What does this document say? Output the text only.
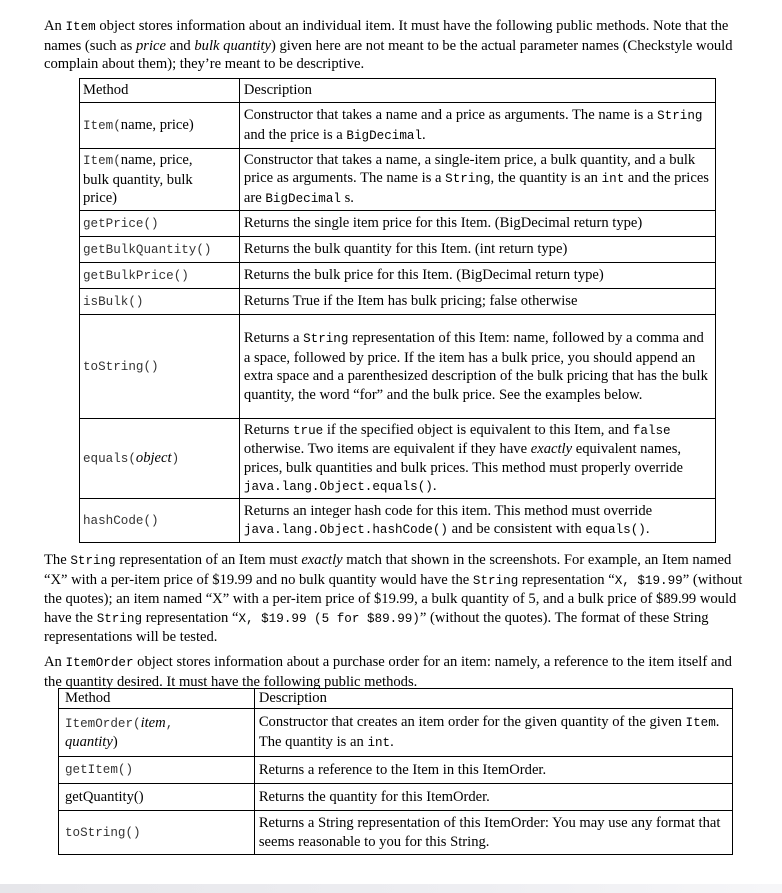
An Item object stores information about an individual item. It must have the following public methods. Note that the names (such as price and bulk quantity) given here are not meant to be the actual parameter names (Checkstyle would complain about them); they’re meant to be descriptive.

Method	Description
Item(name, price)	Constructor that takes a name and a price as arguments. The name is a String and the price is a BigDecimal.
Item(name, price,
bulk quantity, bulk
price)	Constructor that takes a name, a single-item price, a bulk quantity, and a bulk price as arguments. The name is a String, the quantity is an int and the prices are BigDecimal s.
getPrice()	Returns the single item price for this Item. (BigDecimal return type)
getBulkQuantity()	Returns the bulk quantity for this Item. (int return type)
getBulkPrice()	Returns the bulk price for this Item. (BigDecimal return type)
isBulk()	Returns True if the Item has bulk pricing; false otherwise
toString()	Returns a String representation of this Item: name, followed by a comma and a space, followed by price. If the item has a bulk price, you should append an extra space and a parenthesized description of the bulk pricing that has the bulk quantity, the word “for” and the bulk price. See the examples below.
equals(object)	Returns true if the specified object is equivalent to this Item, and false otherwise. Two items are equivalent if they have exactly equivalent names, prices, bulk quantities and bulk prices. This method must properly override java.lang.Object.equals().
hashCode()	Returns an integer hash code for this item. This method must override java.lang.Object.hashCode() and be consistent with equals().

The String representation of an Item must exactly match that shown in the screenshots. For example, an Item named “X” with a per-item price of $19.99 and no bulk quantity would have the String representation “X, $19.99” (without the quotes); an item named “X” with a per-item price of $19.99, a bulk quantity of 5, and a bulk price of $89.99 would have the String representation “X, $19.99 (5 for $89.99)” (without the quotes). The format of these String representations will be tested.

An ItemOrder object stores information about a purchase order for an item: namely, a reference to the item itself and the quantity desired. It must have the following public methods.

Method	Description
ItemOrder(item,
quantity)	Constructor that creates an item order for the given quantity of the given Item. The quantity is an int.
getItem()	Returns a reference to the Item in this ItemOrder.
getQuantity()	Returns the quantity for this ItemOrder.
toString()	Returns a String representation of this ItemOrder: You may use any format that seems reasonable to you for this String.
